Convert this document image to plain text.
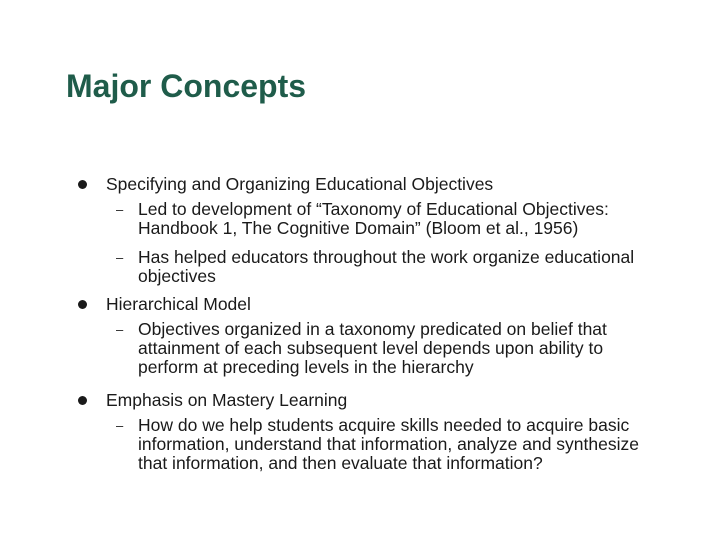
Major Concepts
Specifying and Organizing Educational Objectives
– Led to development of “Taxonomy of Educational Objectives:
Handbook 1, The Cognitive Domain” (Bloom et al., 1956)
– Has helped educators throughout the work organize educational
objectives
Hierarchical Model
– Objectives organized in a taxonomy predicated on belief that
attainment of each subsequent level depends upon ability to
perform at preceding levels in the hierarchy
Emphasis on Mastery Learning
– How do we help students acquire skills needed to acquire basic
information, understand that information, analyze and synthesize
that information, and then evaluate that information?
